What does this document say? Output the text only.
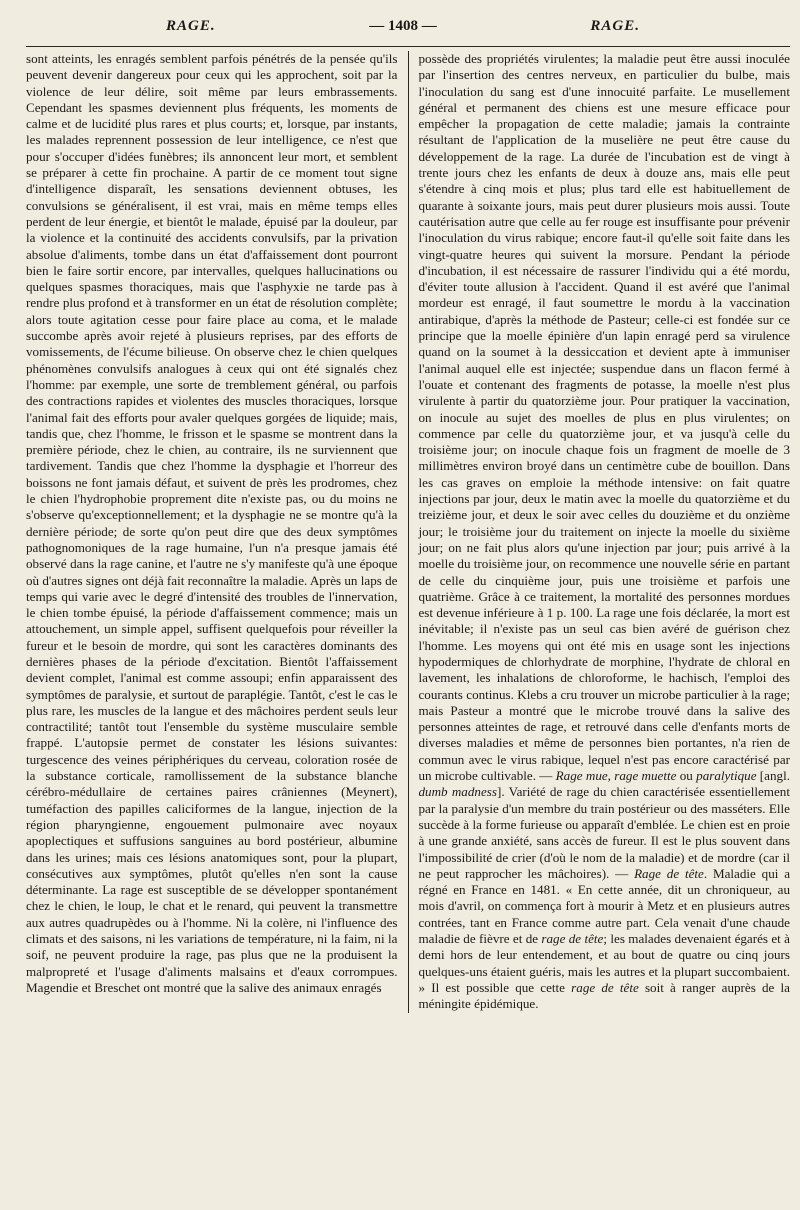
RAGE.	— 1408 —	RAGE.

sont atteints, les enragés semblent parfois pénétrés de la pensée qu'ils peuvent devenir dangereux pour ceux qui les approchent, soit par la violence de leur délire, soit même par leurs embrassements. Cependant les spasmes deviennent plus fréquents, les moments de calme et de lucidité plus rares et plus courts; et, lorsque, par instants, les malades reprennent possession de leur intelligence, ce n'est que pour s'occuper d'idées funèbres; ils annoncent leur mort, et semblent se préparer à cette fin prochaine. A partir de ce moment tout signe d'intelligence disparaît, les sensations deviennent obtuses, les convulsions se généralisent, il est vrai, mais en même temps elles perdent de leur énergie, et bientôt le malade, épuisé par la douleur, par la violence et la continuité des accidents convulsifs, par la privation absolue d'aliments, tombe dans un état d'affaissement dont pourront bien le faire sortir encore, par intervalles, quelques hallucinations ou quelques spasmes thoraciques, mais que l'asphyxie ne tarde pas à rendre plus profond et à transformer en un état de résolution complète; alors toute agitation cesse pour faire place au coma, et le malade succombe après avoir rejeté à plusieurs reprises, par des efforts de vomissements, de l'écume bilieuse. On observe chez le chien quelques phénomènes convulsifs analogues à ceux qui ont été signalés chez l'homme: par exemple, une sorte de tremblement général, ou parfois des contractions rapides et violentes des muscles thoraciques, lorsque l'animal fait des efforts pour avaler quelques gorgées de liquide; mais, tandis que, chez l'homme, le frisson et le spasme se montrent dans la première période, chez le chien, au contraire, ils ne surviennent que tardivement. Tandis que chez l'homme la dysphagie et l'horreur des boissons ne font jamais défaut, et suivent de près les prodromes, chez le chien l'hydrophobie proprement dite n'existe pas, ou du moins ne s'observe qu'exceptionnellement; et la dysphagie ne se montre qu'à la dernière période; de sorte qu'on peut dire que des deux symptômes pathognomoniques de la rage humaine, l'un n'a presque jamais été observé dans la rage canine, et l'autre ne s'y manifeste qu'à une époque où d'autres signes ont déjà fait reconnaître la maladie. Après un laps de temps qui varie avec le degré d'intensité des troubles de l'innervation, le chien tombe épuisé, la période d'affaissement commence; mais un attouchement, un simple appel, suffisent quelquefois pour réveiller la fureur et le besoin de mordre, qui sont les caractères dominants des dernières phases de la période d'excitation. Bientôt l'affaissement devient complet, l'animal est comme assoupi; enfin apparaissent des symptômes de paralysie, et surtout de paraplégie. Tantôt, c'est le cas le plus rare, les muscles de la langue et des mâchoires perdent seuls leur contractilité; tantôt tout l'ensemble du système musculaire semble frappé. L'autopsie permet de constater les lésions suivantes: turgescence des veines périphériques du cerveau, coloration rosée de la substance corticale, ramollissement de la substance blanche cérébro-médullaire de certaines paires crâniennes (Meynert), tuméfaction des papilles caliciformes de la langue, injection de la région pharyngienne, engouement pulmonaire avec noyaux apoplectiques et suffusions sanguines au bord postérieur, albumine dans les urines; mais ces lésions anatomiques sont, pour la plupart, consécutives aux symptômes, plutôt qu'elles n'en sont la cause déterminante. La rage est susceptible de se développer spontanément chez le chien, le loup, le chat et le renard, qui peuvent la transmettre aux autres quadrupèdes ou à l'homme. Ni la colère, ni l'influence des climats et des saisons, ni les variations de température, ni la faim, ni la soif, ne peuvent produire la rage, pas plus que ne la produisent la malpropreté et l'usage d'aliments malsains et d'eaux corrompues. Magendie et Breschet ont montré que la salive des animaux enragés

possède des propriétés virulentes; la maladie peut être aussi inoculée par l'insertion des centres nerveux, en particulier du bulbe, mais l'inoculation du sang est d'une innocuité parfaite. Le musellement général et permanent des chiens est une mesure efficace pour empêcher la propagation de cette maladie; jamais la contrainte résultant de l'application de la muselière ne peut être cause du développement de la rage. La durée de l'incubation est de vingt à trente jours chez les enfants de deux à douze ans, mais elle peut s'étendre à cinq mois et plus; plus tard elle est habituellement de quarante à soixante jours, mais peut durer plusieurs mois aussi. Toute cautérisation autre que celle au fer rouge est insuffisante pour prévenir l'inoculation du virus rabique; encore faut-il qu'elle soit faite dans les vingt-quatre heures qui suivent la morsure. Pendant la période d'incubation, il est nécessaire de rassurer l'individu qui a été mordu, d'éviter toute allusion à l'accident. Quand il est avéré que l'animal mordeur est enragé, il faut soumettre le mordu à la vaccination antirabique, d'après la méthode de Pasteur; celle-ci est fondée sur ce principe que la moelle épinière d'un lapin enragé perd sa virulence quand on la soumet à la dessiccation et devient apte à immuniser l'animal auquel elle est injectée; suspendue dans un flacon fermé à l'ouate et contenant des fragments de potasse, la moelle n'est plus virulente à partir du quatorzième jour. Pour pratiquer la vaccination, on inocule au sujet des moelles de plus en plus virulentes; on commence par celle du quatorzième jour, et va jusqu'à celle du troisième jour; on inocule chaque fois un fragment de moelle de 3 millimètres environ broyé dans un centimètre cube de bouillon. Dans les cas graves on emploie la méthode intensive: on fait quatre injections par jour, deux le matin avec la moelle du quatorzième et du treizième jour, et deux le soir avec celles du douzième et du onzième jour; le troisième jour du traitement on injecte la moelle du sixième jour; on ne fait plus alors qu'une injection par jour; puis arrivé à la moelle du troisième jour, on recommence une nouvelle série en partant de celle du cinquième jour, puis une troisième et parfois une quatrième. Grâce à ce traitement, la mortalité des personnes mordues est devenue inférieure à 1 p. 100. La rage une fois déclarée, la mort est inévitable; il n'existe pas un seul cas bien avéré de guérison chez l'homme. Les moyens qui ont été mis en usage sont les injections hypodermiques de chlorhydrate de morphine, l'hydrate de chloral en lavement, les inhalations de chloroforme, le hachisch, l'emploi des courants continus. Klebs a cru trouver un microbe particulier à la rage; mais Pasteur a montré que le microbe trouvé dans la salive des personnes atteintes de rage, et retrouvé dans celle d'enfants morts de diverses maladies et même de personnes bien portantes, n'a rien de commun avec le virus rabique, lequel n'est pas encore caractérisé par un microbe cultivable. — Rage mue, rage muette ou paralytique [angl. dumb madness]. Variété de rage du chien caractérisée essentiellement par la paralysie d'un membre du train postérieur ou des masséters. Elle succède à la forme furieuse ou apparaît d'emblée. Le chien est en proie à une grande anxiété, sans accès de fureur. Il est le plus souvent dans l'impossibilité de crier (d'où le nom de la maladie) et de mordre (car il ne peut rapprocher les mâchoires). — Rage de tête. Maladie qui a régné en France en 1481. « En cette année, dit un chroniqueur, au mois d'avril, on commença fort à mourir à Metz et en plusieurs autres contrées, tant en France comme autre part. Cela venait d'une chaude maladie de fièvre et de rage de tête; les malades devenaient égarés et à demi hors de leur entendement, et au bout de quatre ou cinq jours quelques-uns étaient guéris, mais les autres et la plupart succombaient. » Il est possible que cette rage de tête soit à ranger auprès de la méningite épidémique.
